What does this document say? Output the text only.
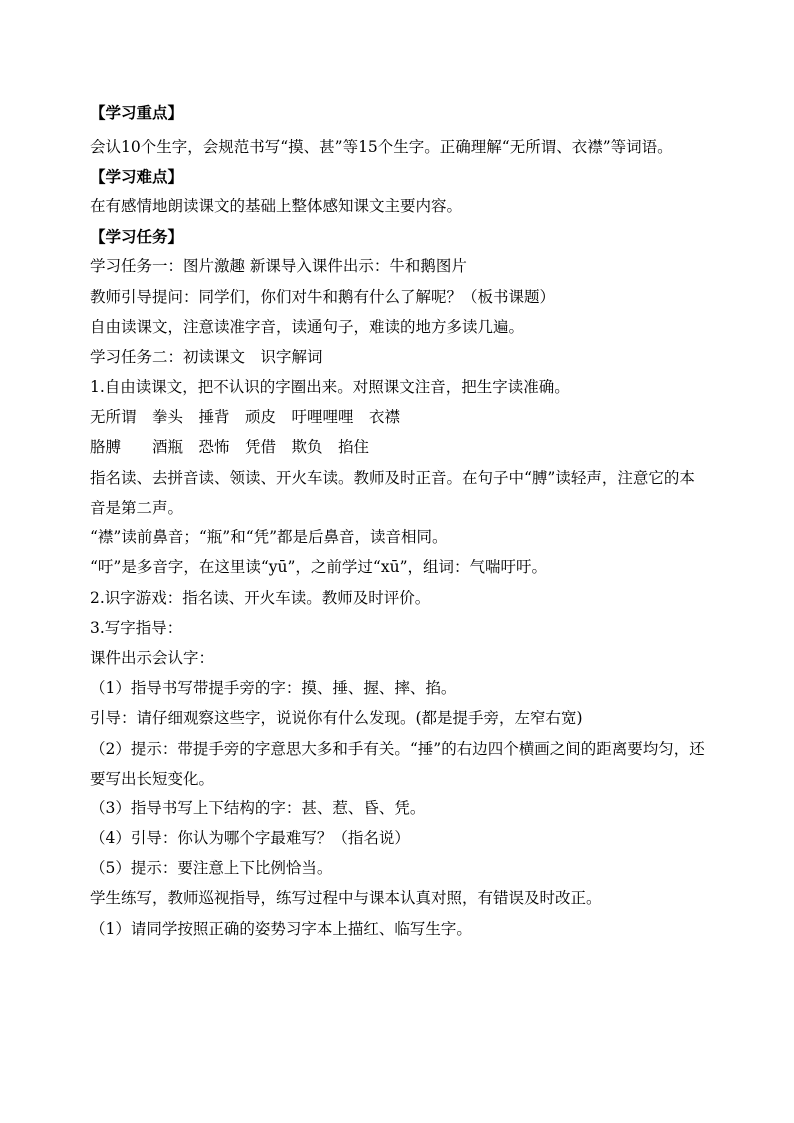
【学习重点】
会认10个生字，会规范书写“摸、甚”等15个生字。正确理解“无所谓、衣襟”等词语。
【学习难点】
在有感情地朗读课文的基础上整体感知课文主要内容。
【学习任务】
学习任务一：图片激趣 新课导入课件出示：牛和鹅图片
教师引导提问：同学们，你们对牛和鹅有什么了解呢？（板书课题）
自由读课文，注意读准字音，读通句子，难读的地方多读几遍。
学习任务二：初读课文　识字解词
1.自由读课文，把不认识的字圈出来。对照课文注音，把生字读准确。
无所谓　拳头　捶背　顽皮　吁哩哩哩　衣襟
胳膊　　酒瓶　恐怖　凭借　欺负　掐住
指名读、去拼音读、领读、开火车读。教师及时正音。在句子中“膊”读轻声，注意它的本音是第二声。
“襟”读前鼻音；“瓶”和“凭”都是后鼻音，读音相同。
“吁”是多音字，在这里读“yū”，之前学过“xū”，组词：气喘吁吁。
2.识字游戏：指名读、开火车读。教师及时评价。
3.写字指导：
课件出示会认字：
（1）指导书写带提手旁的字：摸、捶、握、摔、掐。
引导：请仔细观察这些字，说说你有什么发现。(都是提手旁，左窄右宽)
（2）提示：带提手旁的字意思大多和手有关。“捶”的右边四个横画之间的距离要均匀，还要写出长短变化。
（3）指导书写上下结构的字：甚、惹、昏、凭。
（4）引导：你认为哪个字最难写？（指名说）
（5）提示：要注意上下比例恰当。
学生练写，教师巡视指导，练写过程中与课本认真对照，有错误及时改正。
（1）请同学按照正确的姿势习字本上描红、临写生字。
